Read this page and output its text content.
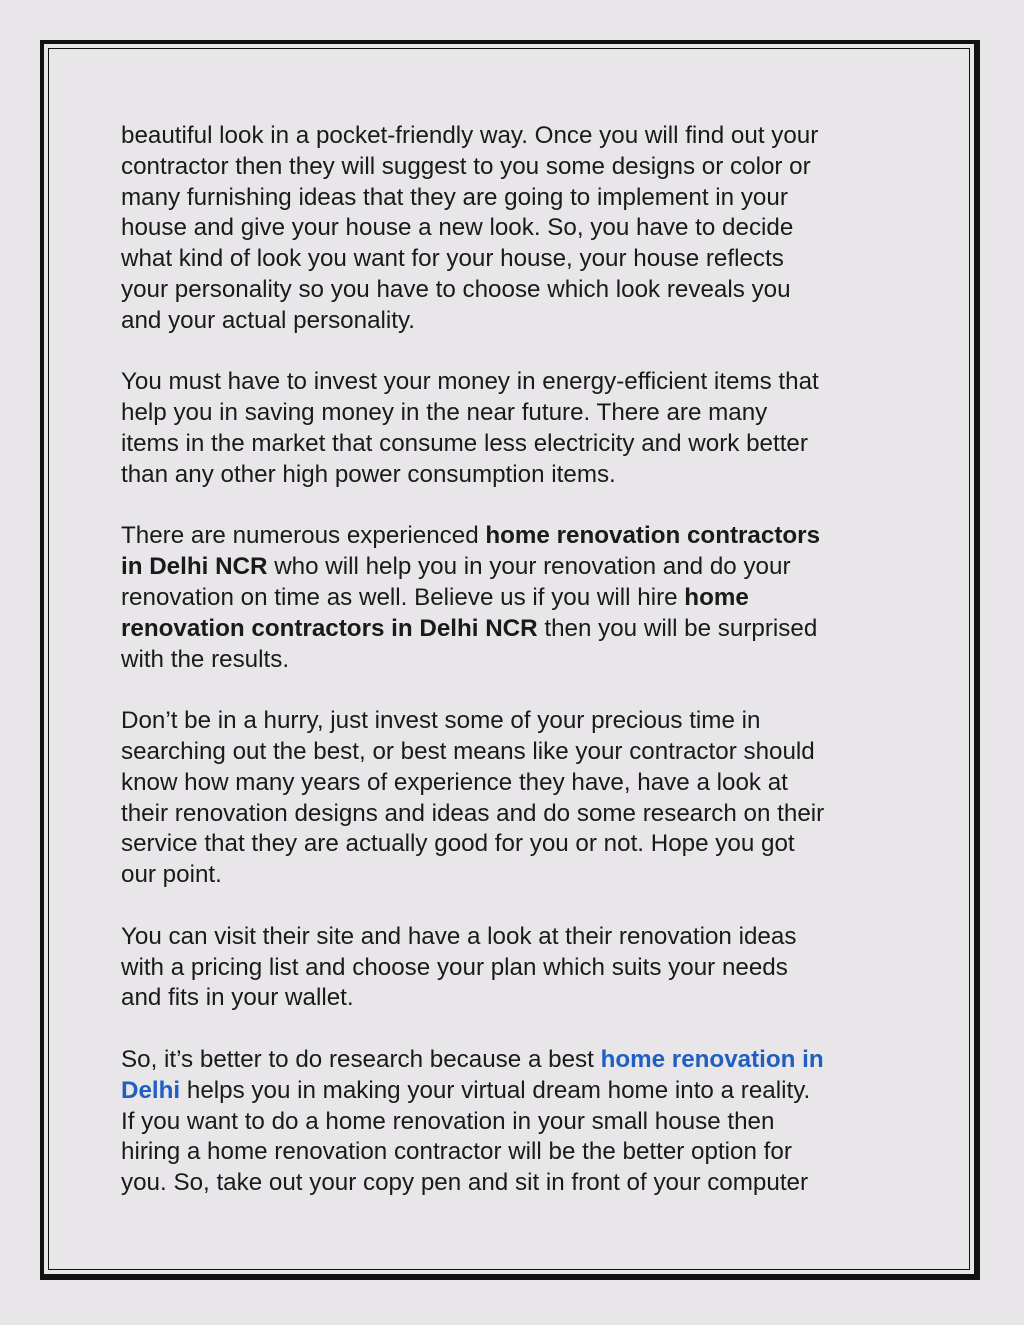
beautiful look in a pocket-friendly way. Once you will find out your
contractor then they will suggest to you some designs or color or
many furnishing ideas that they are going to implement in your
house and give your house a new look. So, you have to decide
what kind of look you want for your house, your house reflects
your personality so you have to choose which look reveals you
and your actual personality.

You must have to invest your money in energy-efficient items that
help you in saving money in the near future. There are many
items in the market that consume less electricity and work better
than any other high power consumption items.

There are numerous experienced home renovation contractors
in Delhi NCR who will help you in your renovation and do your
renovation on time as well. Believe us if you will hire home
renovation contractors in Delhi NCR then you will be surprised
with the results.

Don’t be in a hurry, just invest some of your precious time in
searching out the best, or best means like your contractor should
know how many years of experience they have, have a look at
their renovation designs and ideas and do some research on their
service that they are actually good for you or not. Hope you got
our point.

You can visit their site and have a look at their renovation ideas
with a pricing list and choose your plan which suits your needs
and fits in your wallet.

So, it’s better to do research because a best home renovation in
Delhi helps you in making your virtual dream home into a reality.
If you want to do a home renovation in your small house then
hiring a home renovation contractor will be the better option for
you. So, take out your copy pen and sit in front of your computer
